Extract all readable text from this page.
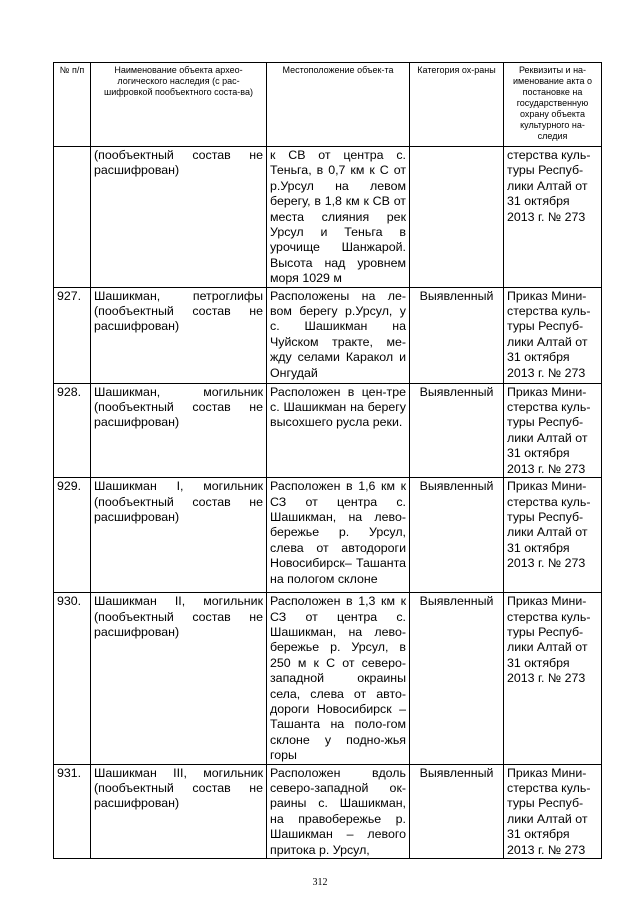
№ п/п	Наименование объекта архео-логического наследия (с рас-шифровкой пообъектного соста-ва)	Местоположение объек-та	Категория ох-раны	Реквизиты и на-именование акта о постановке на государственную охрану объекта культурного на-следия
	(пообъектный состав не расшифрован)	к СВ от центра с. Теньга, в 0,7 км к С от р.Урсул на левом берегу, в 1,8 км к СВ от места слияния рек Урсул и Теньга в урочище Шанжарой. Высота над уровнем моря 1029 м		стерства куль-туры Респуб-лики Алтай от 31 октября 2013 г. № 273
927.	Шашикман, петроглифы (пообъектный состав не расшифрован)	Расположены на ле-вом берегу р.Урсул, у с. Шашикман на Чуйском тракте, ме-жду селами Каракол и Онгудай	Выявленный	Приказ Мини-стерства куль-туры Респуб-лики Алтай от 31 октября 2013 г. № 273
928.	Шашикман, могильник (пообъектный состав не расшифрован)	Расположен в цен-тре с. Шашикман на берегу высохшего русла реки.	Выявленный	Приказ Мини-стерства куль-туры Респуб-лики Алтай от 31 октября 2013 г. № 273
929.	Шашикман I, могильник (пообъектный состав не расшифрован)	Расположен в 1,6 км к СЗ от центра с. Шашикман, на лево-бережье р. Урсул, слева от автодороги Новосибирск– Ташанта на пологом склоне	Выявленный	Приказ Мини-стерства куль-туры Респуб-лики Алтай от 31 октября 2013 г. № 273
930.	Шашикман II, могильник (пообъектный состав не расшифрован)	Расположен в 1,3 км к СЗ от центра с. Шашикман, на лево-бережье р. Урсул, в 250 м к С от северо-западной окраины села, слева от авто-дороги Новосибирск –Ташанта на поло-гом склоне у подно-жья горы	Выявленный	Приказ Мини-стерства куль-туры Респуб-лики Алтай от 31 октября 2013 г. № 273
931.	Шашикман III, могильник (пообъектный состав не расшифрован)	Расположен вдоль северо-западной ок-раины с. Шашикман, на правобережье р. Шашикман – левого притока р. Урсул,	Выявленный	Приказ Мини-стерства куль-туры Респуб-лики Алтай от 31 октября 2013 г. № 273
312
